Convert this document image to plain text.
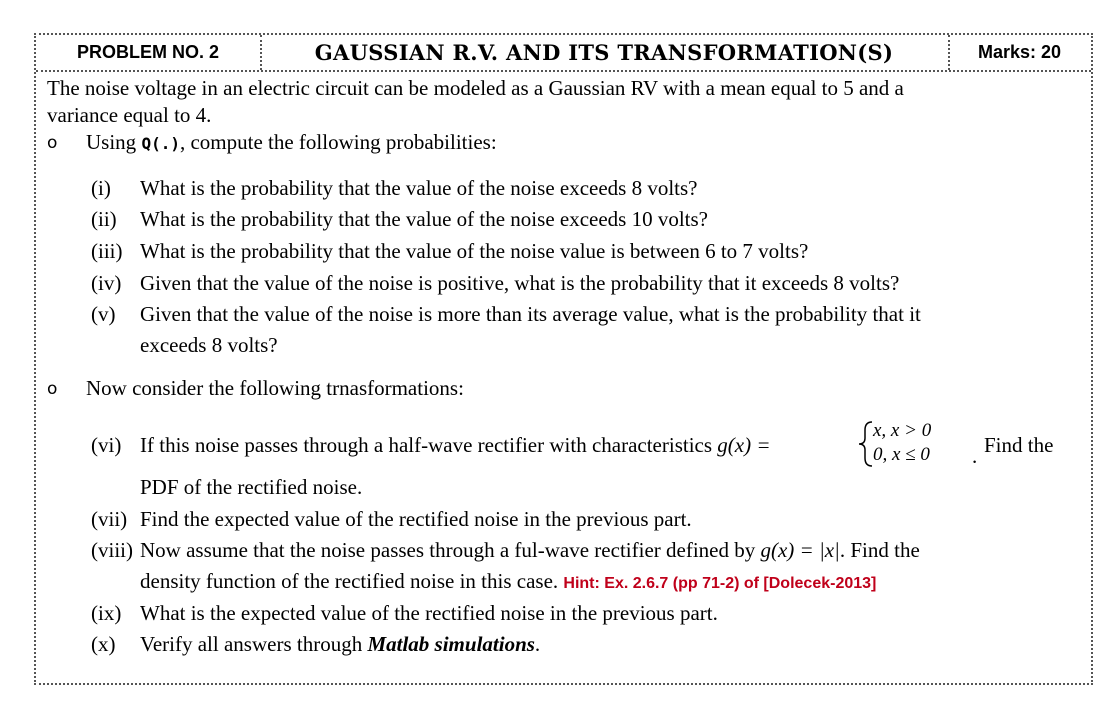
PROBLEM NO. 2	GAUSSIAN R.V. AND ITS TRANSFORMATION(S)	Marks: 20
The noise voltage in an electric circuit can be modeled as a Gaussian RV with a mean equal to 5 and a
variance equal to 4.
o Using Q(.), compute the following probabilities:
(i) What is the probability that the value of the noise exceeds 8 volts?
(ii) What is the probability that the value of the noise exceeds 10 volts?
(iii) What is the probability that the value of the noise value is between 6 to 7 volts?
(iv) Given that the value of the noise is positive, what is the probability that it exceeds 8 volts?
(v) Given that the value of the noise is more than its average value, what is the probability that it
exceeds 8 volts?
o Now consider the following trnasformations:
(vi) If this noise passes through a half-wave rectifier with characteristics g(x) =
x, x > 0
0, x ≤ 0 . Find the
PDF of the rectified noise.
(vii) Find the expected value of the rectified noise in the previous part.
(viii) Now assume that the noise passes through a ful-wave rectifier defined by g(x) = |x|. Find the
density function of the rectified noise in this case. Hint: Ex. 2.6.7 (pp 71-2) of [Dolecek-2013]
(ix) What is the expected value of the rectified noise in the previous part.
(x) Verify all answers through Matlab simulations.
